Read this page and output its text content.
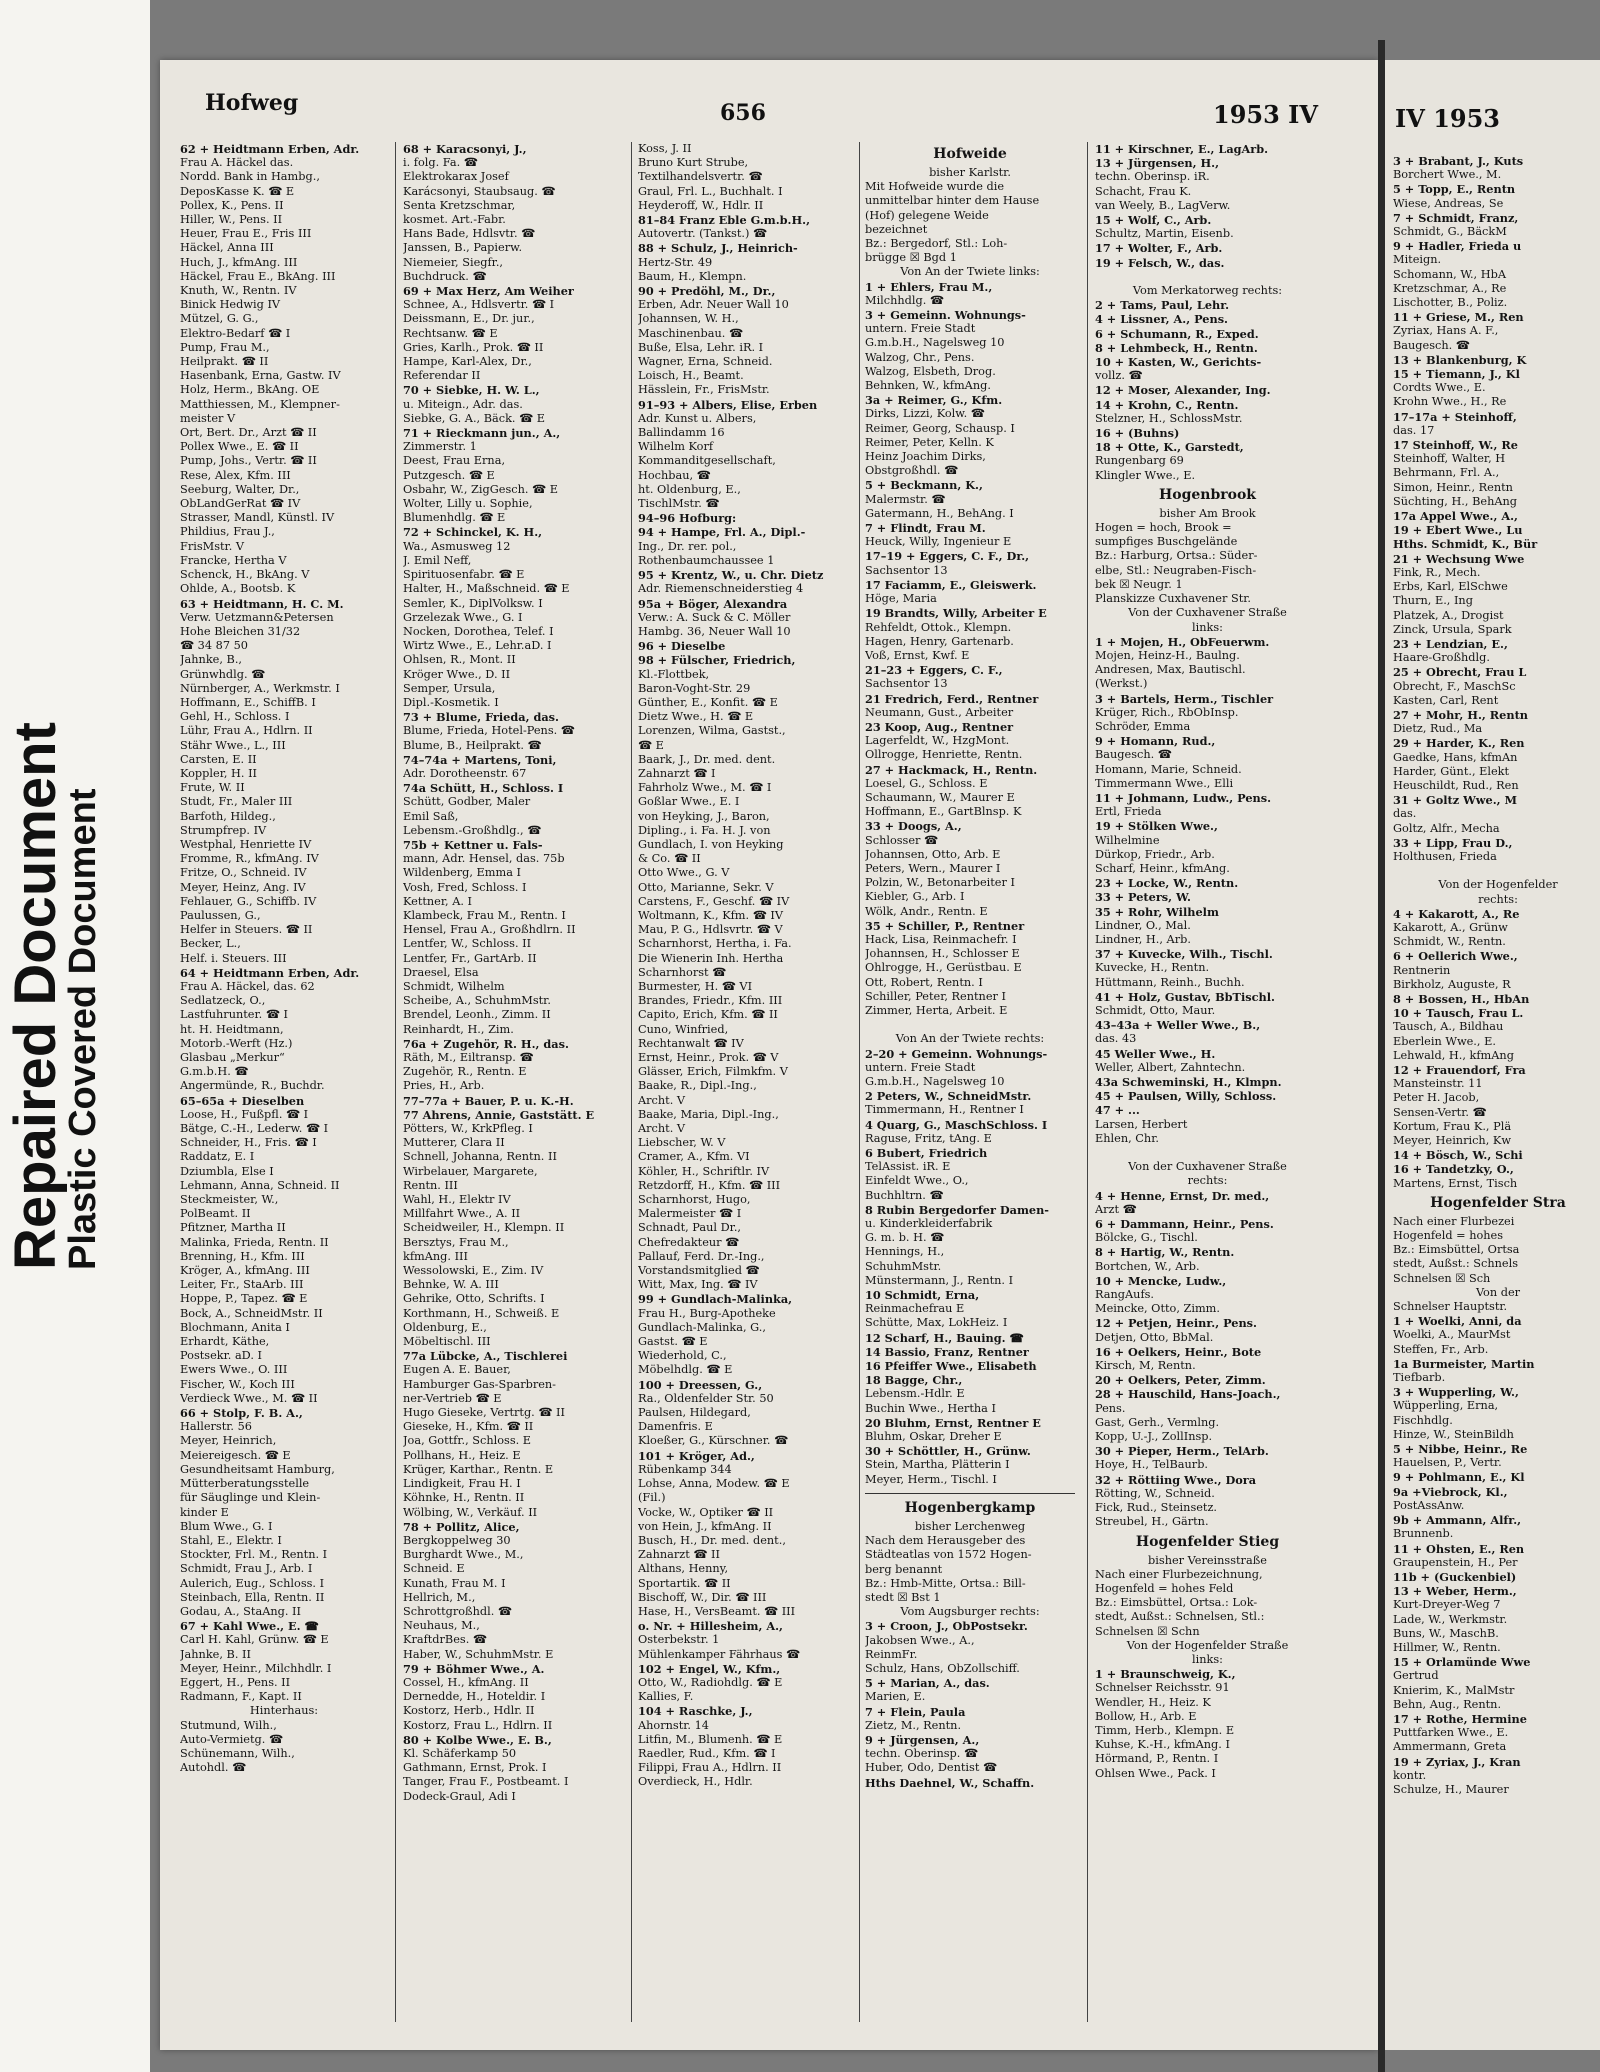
Repaired Document
Plastic Covered Document
Hofweg	656	1953 IV
62 + Heidtmann Erben, Adr.
Frau A. Häckel das.
Nordd. Bank in Hambg.,
DeposKasse K. ☎ E
Pollex, K., Pens. II
Hiller, W., Pens. II
Heuer, Frau E., Fris III
Häckel, Anna III
Huch, J., kfmAng. III
Häckel, Frau E., BkAng. III
Knuth, W., Rentn. IV
Binick Hedwig IV
Mützel, G. G.,
Elektro-Bedarf ☎ I
Pump, Frau M.,
Heilprakt. ☎ II
Hasenbank, Erna, Gastw. IV
Holz, Herm., BkAng. OE
Matthiessen, M., Klempner-
meister V
Ort, Bert. Dr., Arzt ☎ II
Pollex Wwe., E. ☎ II
Pump, Johs., Vertr. ☎ II
Rese, Alex, Kfm. III
Seeburg, Walter, Dr.,
ObLandGerRat ☎ IV
Strasser, Mandl, Künstl. IV
Phildius, Frau J.,
FrisMstr. V
Francke, Hertha V
Schenck, H., BkAng. V
Ohlde, A., Bootsb. K
63 + Heidtmann, H. C. M.
Verw. Uetzmann&Petersen
Hohe Bleichen 31/32
☎ 34 87 50
Jahnke, B.,
Grünwhdlg. ☎
Nürnberger, A., Werkmstr. I
Hoffmann, E., SchiffB. I
Gehl, H., Schloss. I
Lühr, Frau A., Hdlrn. II
Stähr Wwe., L., III
Carsten, E. II
Koppler, H. II
Frute, W. II
Studt, Fr., Maler III
Barfoth, Hildeg.,
Strumpfrep. IV
Westphal, Henriette IV
Fromme, R., kfmAng. IV
Fritze, O., Schneid. IV
Meyer, Heinz, Ang. IV
Fehlauer, G., Schiffb. IV
Paulussen, G.,
Helfer in Steuers. ☎ II
Becker, L.,
Helf. i. Steuers. III
64 + Heidtmann Erben, Adr.
Frau A. Häckel, das. 62
Sedlatzeck, O.,
Lastfuhrunter. ☎ I
ht. H. Heidtmann,
Motorb.-Werft (Hz.)
Glasbau „Merkur“
G.m.b.H. ☎
Angermünde, R., Buchdr.
65–65a + Dieselben
Loose, H., Fußpfl. ☎ I
Bätge, C.-H., Lederw. ☎ I
Schneider, H., Fris. ☎ I
Raddatz, E. I
Dziumbla, Else I
Lehmann, Anna, Schneid. II
Steckmeister, W.,
PolBeamt. II
Pfitzner, Martha II
Malinka, Frieda, Rentn. II
Brenning, H., Kfm. III
Kröger, A., kfmAng. III
Leiter, Fr., StaArb. III
Hoppe, P., Tapez. ☎ E
Bock, A., SchneidMstr. II
Blochmann, Anita I
Erhardt, Käthe,
Postsekr. aD. I
Ewers Wwe., O. III
Fischer, W., Koch III
Verdieck Wwe., M. ☎ II
66 + Stolp, F. B. A.,
Hallerstr. 56
Meyer, Heinrich,
Meiereigesch. ☎ E
Gesundheitsamt Hamburg,
Mütterberatungsstelle
für Säuglinge und Klein-
kinder E
Blum Wwe., G. I
Stahl, E., Elektr. I
Stockter, Frl. M., Rentn. I
Schmidt, Frau J., Arb. I
Aulerich, Eug., Schloss. I
Steinbach, Ella, Rentn. II
Godau, A., StaAng. II
67 + Kahl Wwe., E. ☎
Carl H. Kahl, Grünw. ☎ E
Jahnke, B. II
Meyer, Heinr., Milchhdlr. I
Eggert, H., Pens. II
Radmann, F., Kapt. II
Hinterhaus:
Stutmund, Wilh.,
Auto-Vermietg. ☎
Schünemann, Wilh.,
Autohdl. ☎
68 + Karacsonyi, J.,
i. folg. Fa. ☎
Elektrokarax Josef
Karácsonyi, Staubsaug. ☎
Senta Kretzschmar,
kosmet. Art.-Fabr.
Hans Bade, Hdlsvtr. ☎
Janssen, B., Papierw.
Niemeier, Siegfr.,
Buchdruck. ☎
69 + Max Herz, Am Weiher
Schnee, A., Hdlsvertr. ☎ I
Deissmann, E., Dr. jur.,
Rechtsanw. ☎ E
Gries, Karlh., Prok. ☎ II
Hampe, Karl-Alex, Dr.,
Referendar II
70 + Siebke, H. W. L.,
u. Miteign., Adr. das.
Siebke, G. A., Bäck. ☎ E
71 + Rieckmann jun., A.,
Zimmerstr. 1
Deest, Frau Erna,
Putzgesch. ☎ E
Osbahr, W., ZigGesch. ☎ E
Wolter, Lilly u. Sophie,
Blumenhdlg. ☎ E
72 + Schinckel, K. H.,
Wa., Asmusweg 12
J. Emil Neff,
Spirituosenfabr. ☎ E
Halter, H., Maßschneid. ☎ E
Semler, K., DiplVolksw. I
Grzelezak Wwe., G. I
Nocken, Dorothea, Telef. I
Wirtz Wwe., E., Lehr.aD. I
Ohlsen, R., Mont. II
Kröger Wwe., D. II
Semper, Ursula,
Dipl.-Kosmetik. I
73 + Blume, Frieda, das.
Blume, Frieda, Hotel-Pens. ☎
Blume, B., Heilprakt. ☎
74–74a + Martens, Toni,
Adr. Dorotheenstr. 67
74a Schütt, H., Schloss. I
Schütt, Godber, Maler
Emil Saß,
Lebensm.-Großhdlg., ☎
75b + Kettner u. Fals-
mann, Adr. Hensel, das. 75b
Wildenberg, Emma I
Vosh, Fred, Schloss. I
Kettner, A. I
Klambeck, Frau M., Rentn. I
Hensel, Frau A., Großhdlrn. II
Lentfer, W., Schloss. II
Lentfer, Fr., GartArb. II
Draesel, Elsa
Schmidt, Wilhelm
Scheibe, A., SchuhmMstr.
Brendel, Leonh., Zimm. II
Reinhardt, H., Zim.
76a + Zugehör, R. H., das.
Räth, M., Eiltransp. ☎
Zugehör, R., Rentn. E
Pries, H., Arb.
77–77a + Bauer, P. u. K.-H.
77 Ahrens, Annie, Gaststätt. E
Pötters, W., KrkPfleg. I
Mutterer, Clara II
Schnell, Johanna, Rentn. II
Wirbelauer, Margarete,
Rentn. III
Wahl, H., Elektr IV
Millfahrt Wwe., A. II
Scheidweiler, H., Klempn. II
Bersztys, Frau M.,
kfmAng. III
Wessolowski, E., Zim. IV
Behnke, W. A. III
Gehrike, Otto, Schrifts. I
Korthmann, H., Schweiß. E
Oldenburg, E.,
Möbeltischl. III
77a Lübcke, A., Tischlerei
Eugen A. E. Bauer,
Hamburger Gas-Sparbren-
ner-Vertrieb ☎ E
Hugo Gieseke, Vertrtg. ☎ II
Gieseke, H., Kfm. ☎ II
Joa, Gottfr., Schloss. E
Pollhans, H., Heiz. E
Krüger, Karthar., Rentn. E
Lindigkeit, Frau H. I
Köhnke, H., Rentn. II
Wölbing, W., Verkäuf. II
78 + Pollitz, Alice,
Bergkoppelweg 30
Burghardt Wwe., M.,
Schneid. E
Kunath, Frau M. I
Hellrich, M.,
Schrottgroßhdl. ☎
Neuhaus, M.,
KraftdrBes. ☎
Haber, W., SchuhmMstr. E
79 + Böhmer Wwe., A.
Cossel, H., kfmAng. II
Derneddе, H., Hoteldir. I
Kostorz, Herb., Hdlr. II
Kostorz, Frau L., Hdlrn. II
80 + Kolbe Wwe., E. B.,
Kl. Schäferkamp 50
Gathmann, Ernst, Prok. I
Tanger, Frau F., Postbeamt. I
Dodeck-Graul, Adi I
Koss, J. II
Bruno Kurt Strube,
Textilhandelsvertr. ☎
Graul, Frl. L., Buchhalt. I
Heyderoff, W., Hdlr. II
81–84 Franz Eble G.m.b.H.,
Autovertr. (Tankst.) ☎
88 + Schulz, J., Heinrich-
Hertz-Str. 49
Baum, H., Klempn.
90 + Predöhl, M., Dr.,
Erben, Adr. Neuer Wall 10
Johannsen, W. H.,
Maschinenbau. ☎
Buße, Elsa, Lehr. iR. I
Wagner, Erna, Schneid.
Loisch, H., Beamt.
Hässlein, Fr., FrisMstr.
91–93 + Albers, Elise, Erben
Adr. Kunst u. Albers,
Ballindamm 16
Wilhelm Korf
Kommanditgesellschaft,
Hochbau, ☎
ht. Oldenburg, E.,
TischlMstr. ☎
94–96 Hofburg:
94 + Hampe, Frl. A., Dipl.-
Ing., Dr. rer. pol.,
Rothenbaumchaussee 1
95 + Krentz, W., u. Chr. Dietz
Adr. Riemenschneiderstieg 4
95a + Böger, Alexandra
Verw.: A. Suck & C. Möller
Hambg. 36, Neuer Wall 10
96 + Dieselbe
98 + Fülscher, Friedrich,
Kl.-Flottbek,
Baron-Voght-Str. 29
Günther, E., Konfit. ☎ E
Dietz Wwe., H. ☎ E
Lorenzen, Wilma, Gastst.,
☎ E
Baark, J., Dr. med. dent.
Zahnarzt ☎ I
Fahrholz Wwe., M. ☎ I
Goßlar Wwe., E. I
von Heyking, J., Baron,
Dipling., i. Fa. H. J. von
Gundlach, I. von Heyking
& Co. ☎ II
Otto Wwe., G. V
Otto, Marianne, Sekr. V
Carstens, F., Geschf. ☎ IV
Woltmann, K., Kfm. ☎ IV
Mau, P. G., Hdlsvrtr. ☎ V
Scharnhorst, Hertha, i. Fa.
Die Wienerin Inh. Hertha
Scharnhorst ☎
Burmester, H. ☎ VI
Brandes, Friedr., Kfm. III
Capito, Erich, Kfm. ☎ II
Cuno, Winfried,
Rechtanwalt ☎ IV
Ernst, Heinr., Prok. ☎ V
Glässer, Erich, Filmkfm. V
Baake, R., Dipl.-Ing.,
Archt. V
Baake, Maria, Dipl.-Ing.,
Archt. V
Liebscher, W. V
Cramer, A., Kfm. VI
Köhler, H., Schriftlr. IV
Retzdorff, H., Kfm. ☎ III
Scharnhorst, Hugo,
Malermeister ☎ I
Schnadt, Paul Dr.,
Chefredakteur ☎
Pallauf, Ferd. Dr.-Ing.,
Vorstandsmitglied ☎
Witt, Max, Ing. ☎ IV
99 + Gundlach-Malinka,
Frau H., Burg-Apotheke
Gundlach-Malinka, G.,
Gastst. ☎ E
Wiederhold, C.,
Möbelhdlg. ☎ E
100 + Dreessen, G.,
Ra., Oldenfelder Str. 50
Paulsen, Hildegard,
Damenfris. E
Kloeßer, G., Kürschner. ☎
101 + Kröger, Ad.,
Rübenkamp 344
Lohse, Anna, Modew. ☎ E
(Fil.)
Vocke, W., Optiker ☎ II
von Hein, J., kfmAng. II
Busch, H., Dr. med. dent.,
Zahnarzt ☎ II
Althans, Henny,
Sportartik. ☎ II
Bischoff, W., Dir. ☎ III
Hase, H., VersBeamt. ☎ III
o. Nr. + Hillesheim, A.,
Osterbekstr. 1
Mühlenkamper Fährhaus ☎
102 + Engel, W., Kfm.,
Otto, W., Radiohdlg. ☎ E
Kallies, F.
104 + Raschke, J.,
Ahornstr. 14
Litfin, M., Blumenh. ☎ E
Raedler, Rud., Kfm. ☎ I
Filippi, Frau A., Hdlrn. II
Overdieck, H., Hdlr.
Hofweide
bisher Karlstr.
Mit Hofweide wurde die
unmittelbar hinter dem Hause
(Hof) gelegene Weide
bezeichnet
Bz.: Bergedorf, Stl.: Loh-
brügge ☒ Bgd 1
Von An der Twiete links:
1 + Ehlers, Frau M.,
Milchhdlg. ☎
3 + Gemeinn. Wohnungs-
untern. Freie Stadt
G.m.b.H., Nagelsweg 10
Walzog, Chr., Pens.
Walzog, Elsbeth, Drog.
Behnken, W., kfmAng.
3a + Reimer, G., Kfm.
Dirks, Lizzi, Kolw. ☎
Reimer, Georg, Schausp. I
Reimer, Peter, Kelln. K
Heinz Joachim Dirks,
Obstgroßhdl. ☎
5 + Beckmann, K.,
Malermstr. ☎
Gatermann, H., BehAng. I
7 + Flindt, Frau M.
Heuck, Willy, Ingenieur E
17–19 + Eggers, C. F., Dr.,
Sachsentor 13
17 Faciamm, E., Gleiswerk.
Höge, Maria
19 Brandts, Willy, Arbeiter E
Rehfeldt, Ottok., Klempn.
Hagen, Henry, Gartenarb.
Voß, Ernst, Kwf. E
21–23 + Eggers, C. F.,
Sachsentor 13
21 Fredrich, Ferd., Rentner
Neumann, Gust., Arbeiter
23 Koop, Aug., Rentner
Lagerfeldt, W., HzgMont.
Ollrogge, Henriette, Rentn.
27 + Hackmack, H., Rentn.
Loesel, G., Schloss. E
Schaumann, W., Maurer E
Hoffmann, E., GartBlnsp. K
33 + Doogs, A.,
Schlosser ☎
Johannsen, Otto, Arb. E
Peters, Wern., Maurer I
Polzin, W., Betonarbeiter I
Kiebler, G., Arb. I
Wölk, Andr., Rentn. E
35 + Schiller, P., Rentner
Hack, Lisa, Reinmachefr. I
Johannsen, H., Schlosser E
Ohlrogge, H., Gerüstbau. E
Ott, Robert, Rentn. I
Schiller, Peter, Rentner I
Zimmer, Herta, Arbeit. E

Von An der Twiete rechts:
2–20 + Gemeinn. Wohnungs-
untern. Freie Stadt
G.m.b.H., Nagelsweg 10
2 Peters, W., SchneidMstr.
Timmermann, H., Rentner I
4 Quarg, G., MaschSchloss. I
Raguse, Fritz, tAng. E
6 Bubert, Friedrich
TelAssist. iR. E
Einfeldt Wwe., O.,
Buchhltrn. ☎
8 Rubin Bergedorfer Damen-
u. Kinderkleiderfabrik
G. m. b. H. ☎
Hennings, H.,
SchuhmMstr.
Münstermann, J., Rentn. I
10 Schmidt, Erna,
Reinmachefrau E
Schütte, Max, LokHeiz. I
12 Scharf, H., Bauing. ☎
14 Bassio, Franz, Rentner
16 Pfeiffer Wwe., Elisabeth
18 Bagge, Chr.,
Lebensm.-Hdlr. E
Buchin Wwe., Hertha I
20 Bluhm, Ernst, Rentner E
Bluhm, Oskar, Dreher E
30 + Schöttler, H., Grünw.
Stein, Martha, Plätterin I
Meyer, Herm., Tischl. I
Hogenbergkamp
bisher Lerchenweg
Nach dem Herausgeber des
Städteatlas von 1572 Hogen-
berg benannt
Bz.: Hmb-Mitte, Ortsa.: Bill-
stedt ☒ Bst 1
Vom Augsburger rechts:
3 + Croon, J., ObPostsekr.
Jakobsen Wwe., A.,
ReinmFr.
Schulz, Hans, ObZollschiff.
5 + Marian, A., das.
Marien, E.
7 + Flein, Paula
Zietz, M., Rentn.
9 + Jürgensen, A.,
techn. Oberinsp. ☎
Huber, Odo, Dentist ☎
Hths Daehnel, W., Schaffn.
11 + Kirschner, E., LagArb.
13 + Jürgensen, H.,
techn. Oberinsp. iR.
Schacht, Frau K.
van Weely, B., LagVerw.
15 + Wolf, C., Arb.
Schultz, Martin, Eisenb.
17 + Wolter, F., Arb.
19 + Felsch, W., das.

Vom Merkatorweg rechts:
2 + Tams, Paul, Lehr.
4 + Lissner, A., Pens.
6 + Schumann, R., Exped.
8 + Lehmbeck, H., Rentn.
10 + Kasten, W., Gerichts-
vollz. ☎
12 + Moser, Alexander, Ing.
14 + Krohn, C., Rentn.
Stelzner, H., SchlossMstr.
16 + (Buhns)
18 + Otte, K., Garstedt,
Rungenbarg 69
Klingler Wwe., E.
Hogenbrook
bisher Am Brook
Hogen = hoch, Brook =
sumpfiges Buschgelände
Bz.: Harburg, Ortsa.: Süder-
elbe, Stl.: Neugraben-Fisch-
bek ☒ Neugr. 1
Planskizze Cuxhavener Str.
Von der Cuxhavener Straße
links:
1 + Mojen, H., ObFeuerwm.
Mojen, Heinz-H., Baulng.
Andresen, Max, Bautischl.
(Werkst.)
3 + Bartels, Herm., Tischler
Krüger, Rich., RbObInsp.
Schröder, Emma
9 + Homann, Rud.,
Baugesch. ☎
Homann, Marie, Schneid.
Timmermann Wwe., Elli
11 + Johmann, Ludw., Pens.
Ertl, Frieda
19 + Stölken Wwe.,
Wilhelmine
Dürkop, Friedr., Arb.
Scharf, Heinr., kfmAng.
23 + Locke, W., Rentn.
33 + Peters, W.
35 + Rohr, Wilhelm
Lindner, O., Mal.
Lindner, H., Arb.
37 + Kuvecke, Wilh., Tischl.
Kuvecke, H., Rentn.
Hüttmann, Reinh., Buchh.
41 + Holz, Gustav, BbTischl.
Schmidt, Otto, Maur.
43–43a + Weller Wwe., B.,
das. 43
45 Weller Wwe., H.
Weller, Albert, Zahntechn.
43a Schweminski, H., Klmpn.
45 + Paulsen, Willy, Schloss.
47 + ...
Larsen, Herbert
Ehlen, Chr.

Von der Cuxhavener Straße
rechts:
4 + Henne, Ernst, Dr. med.,
Arzt ☎
6 + Dammann, Heinr., Pens.
Bölcke, G., Tischl.
8 + Hartig, W., Rentn.
Bortchen, W., Arb.
10 + Mencke, Ludw.,
RangAufs.
Meincke, Otto, Zimm.
12 + Petjen, Heinr., Pens.
Detjen, Otto, BbMal.
16 + Oelkers, Heinr., Bote
Kirsch, M, Rentn.
20 + Oelkers, Peter, Zimm.
28 + Hauschild, Hans-Joach.,
Pens.
Gast, Gerh., Vermlng.
Kopp, U.-J., ZollInsp.
30 + Pieper, Herm., TelArb.
Hoye, H., TelBaurb.
32 + Röttiing Wwe., Dora
Rötting, W., Schneid.
Fick, Rud., Steinsetz.
Streubel, H., Gärtn.
Hogenfelder Stieg
bisher Vereinsstraße
Nach einer Flurbezeichnung,
Hogenfeld = hohes Feld
Bz.: Eimsbüttel, Ortsa.: Lok-
stedt, Außst.: Schnelsen, Stl.:
Schnelsen ☒ Schn
Von der Hogenfelder Straße
links:
1 + Braunschweig, K.,
Schnelser Reichsstr. 91
Wendler, H., Heiz. K
Bollow, H., Arb. E
Timm, Herb., Klempn. E
Kuhse, K.-H., kfmAng. I
Hörmand, P., Rentn. I
Ohlsen Wwe., Pack. I
IV 1953
3 + Brabant, J., Kuts
Borchert Wwe., M.
5 + Topp, E., Rentn
Wiese, Andreas, Se
7 + Schmidt, Franz,
Schmidt, G., BäckM
9 + Hadler, Frieda u
Miteign.
Schomann, W., HbA
Kretzschmar, A., Re
Lischotter, B., Poliz.
11 + Griese, M., Ren
Zyriax, Hans A. F.,
Baugesch. ☎
13 + Blankenburg, K
15 + Tiemann, J., Kl
Cordts Wwe., E.
Krohn Wwe., H., Re
17–17a + Steinhoff,
das. 17
17 Steinhoff, W., Re
Steinhoff, Walter, H
Behrmann, Frl. A.,
Simon, Heinr., Rentn
Süchting, H., BehAng
17a Appel Wwe., A.,
19 + Ebert Wwe., Lu
Hths. Schmidt, K., Bür
21 + Wechsung Wwe
Fink, R., Mech.
Erbs, Karl, ElSchwe
Thurn, E., Ing
Platzek, A., Drogist
Zinck, Ursula, Spark
23 + Lendzian, E.,
Haare-Großhdlg.
25 + Obrecht, Frau L
Obrecht, F., MaschSc
Kasten, Carl, Rent
27 + Mohr, H., Rentn
Dietz, Rud., Ma
29 + Harder, K., Ren
Gaedke, Hans, kfmAn
Harder, Günt., Elekt
Heuschildt, Rud., Ren
31 + Goltz Wwe., M
das.
Goltz, Alfr., Mecha
33 + Lipp, Frau D.,
Holthusen, Frieda

Von der Hogenfelder
rechts:
4 + Kakarott, A., Re
Kakarott, A., Grünw
Schmidt, W., Rentn.
6 + Oellerich Wwe.,
Rentnerin
Birkholz, Auguste, R
8 + Bossen, H., HbAn
10 + Tausch, Frau L.
Tausch, A., Bildhau
Eberlein Wwe., E.
Lehwald, H., kfmAng
12 + Frauendorf, Fra
Mansteinstr. 11
Peter H. Jacob,
Sensen-Vertr. ☎
Kortum, Frau K., Plä
Meyer, Heinrich, Kw
14 + Bösch, W., Schi
16 + Tandetzky, O.,
Martens, Ernst, Tisch
Hogenfelder Stra
Nach einer Flurbezei
Hogenfeld = hohes
Bz.: Eimsbüttel, Ortsa
stedt, Außst.: Schnels
Schnelsen ☒ Sch
Von der
Schnelser Hauptstr.
1 + Woelki, Anni, da
Woelki, A., MaurMst
Steffen, Fr., Arb.
1a Burmeister, Martin
Tiefbarb.
3 + Wupperling, W.,
Wüpperling, Erna,
Fischhdlg.
Hinze, W., SteinBildh
5 + Nibbe, Heinr., Re
Hauelsen, P., Vertr.
9 + Pohlmann, E., Kl
9a +Viebrock, Kl.,
PostAssAnw.
9b + Ammann, Alfr.,
Brunnenb.
11 + Ohsten, E., Ren
Graupenstein, H., Per
11b + (Guckenbiel)
13 + Weber, Herm.,
Kurt-Dreyer-Weg 7
Lade, W., Werkmstr.
Buns, W., MaschB.
Hillmer, W., Rentn.
15 + Orlamünde Wwe
Gertrud
Knierim, K., MalMstr
Behn, Aug., Rentn.
17 + Rothe, Hermine
Puttfarken Wwe., E.
Ammermann, Greta
19 + Zyriax, J., Kran
kontr.
Schulze, H., Maurer
